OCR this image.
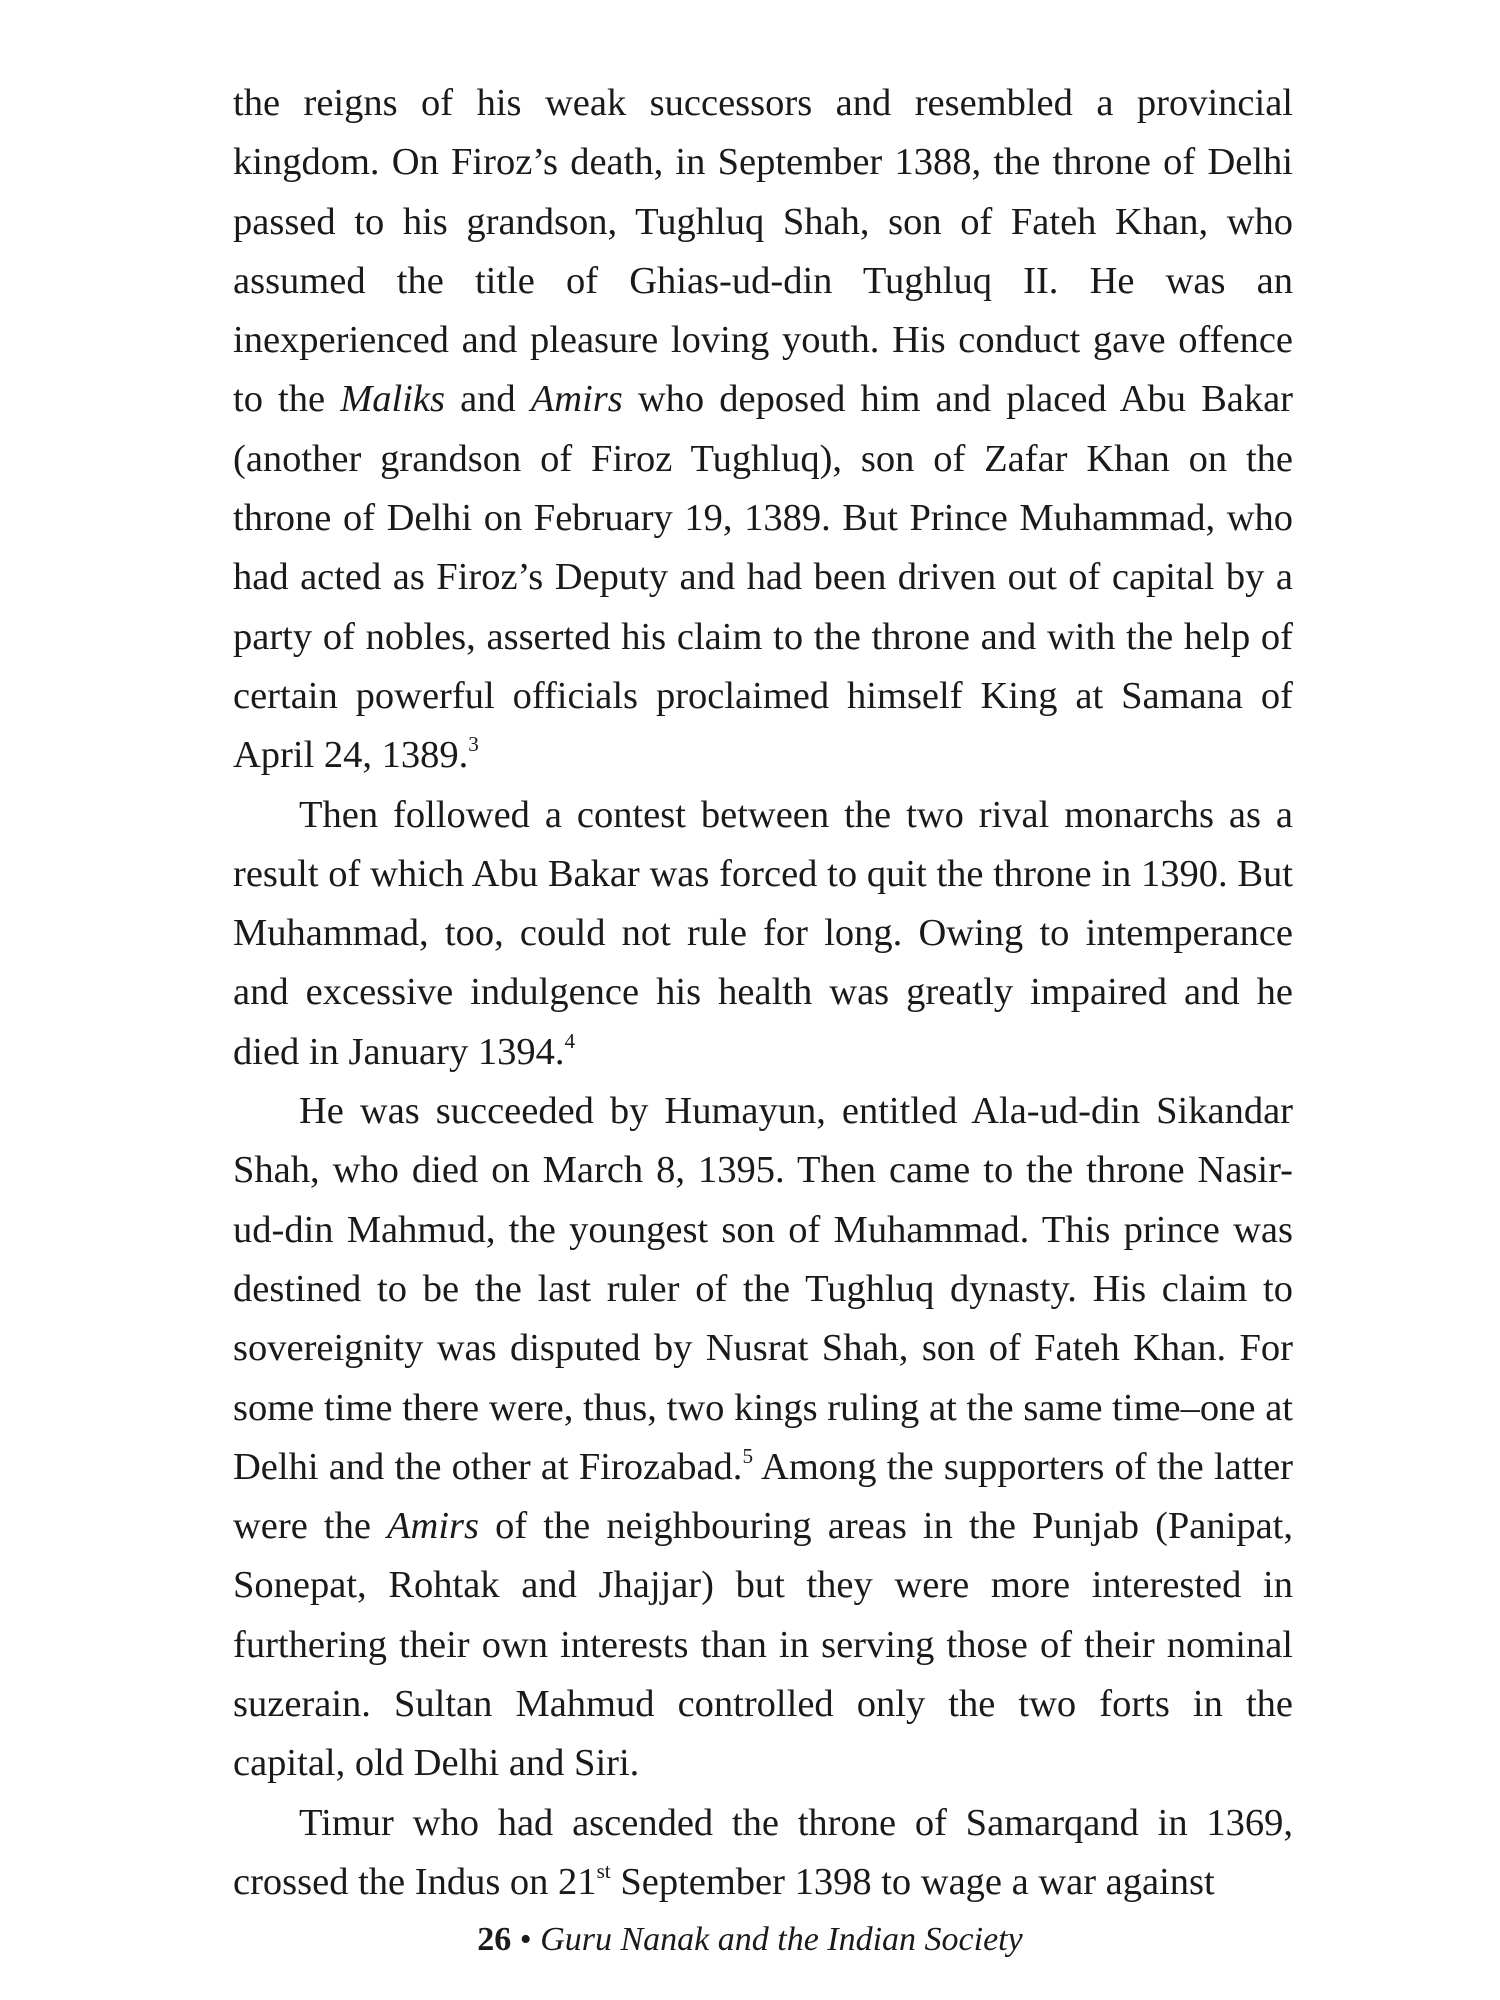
the reigns of his weak successors and resembled a provincial kingdom. On Firoz’s death, in September 1388, the throne of Delhi passed to his grandson, Tughluq Shah, son of Fateh Khan, who assumed the title of Ghias-ud-din Tughluq II. He was an inexperienced and pleasure loving youth. His conduct gave offence to the Maliks and Amirs who deposed him and placed Abu Bakar (another grandson of Firoz Tughluq), son of Zafar Khan on the throne of Delhi on February 19, 1389. But Prince Muhammad, who had acted as Firoz’s Deputy and had been driven out of capital by a party of nobles, asserted his claim to the throne and with the help of certain powerful officials proclaimed himself King at Samana of April 24, 1389.$^3$

Then followed a contest between the two rival monarchs as a result of which Abu Bakar was forced to quit the throne in 1390. But Muhammad, too, could not rule for long. Owing to intemperance and excessive indulgence his health was greatly impaired and he died in January 1394.$^4$

He was succeeded by Humayun, entitled Ala-ud-din Sikandar Shah, who died on March 8, 1395. Then came to the throne Nasir-ud-din Mahmud, the youngest son of Muhammad. This prince was destined to be the last ruler of the Tughluq dynasty. His claim to sovereignity was disputed by Nusrat Shah, son of Fateh Khan. For some time there were, thus, two kings ruling at the same time–one at Delhi and the other at Firozabad.$^5$ Among the supporters of the latter were the Amirs of the neighbouring areas in the Punjab (Panipat, Sonepat, Rohtak and Jhajjar) but they were more interested in furthering their own interests than in serving those of their nominal suzerain. Sultan Mahmud controlled only the two forts in the capital, old Delhi and Siri.

Timur who had ascended the throne of Samarqand in 1369, crossed the Indus on 21st September 1398 to wage a war against

26 • Guru Nanak and the Indian Society
